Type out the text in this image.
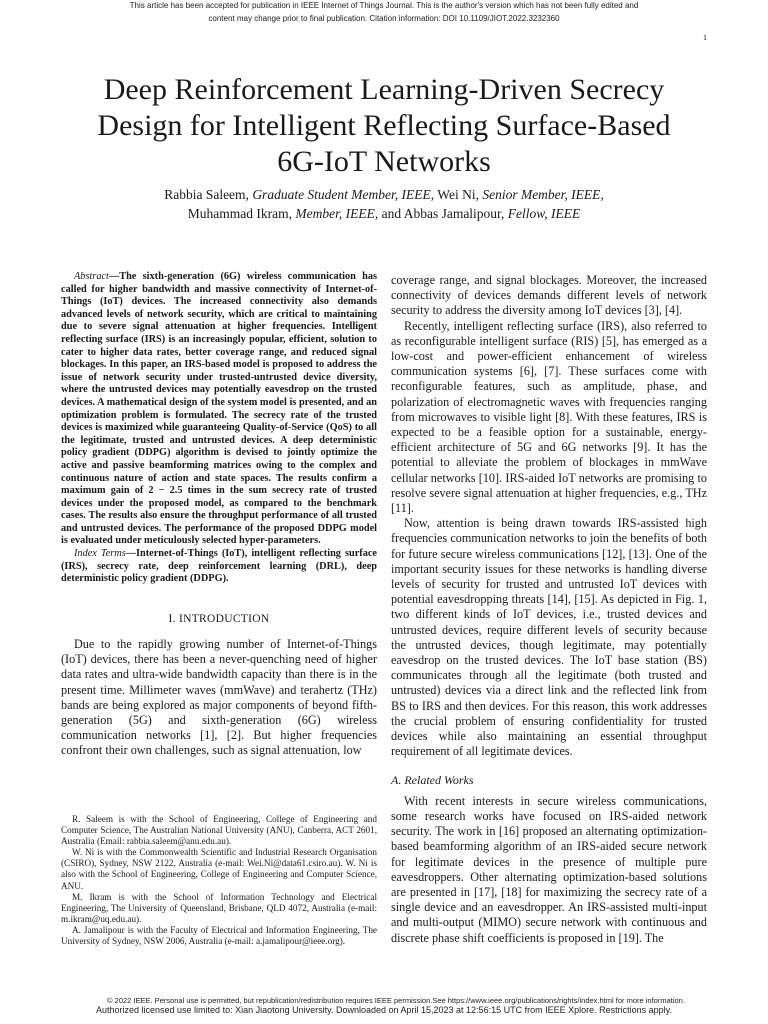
This article has been accepted for publication in IEEE Internet of Things Journal. This is the author's version which has not been fully edited and
content may change prior to final publication. Citation information: DOI 10.1109/JIOT.2022.3232360
1
Deep Reinforcement Learning-Driven Secrecy
Design for Intelligent Reflecting Surface-Based
6G-IoT Networks
Rabbia Saleem, Graduate Student Member, IEEE, Wei Ni, Senior Member, IEEE,
Muhammad Ikram, Member, IEEE, and Abbas Jamalipour, Fellow, IEEE

Abstract—The sixth-generation (6G) wireless communication has called for higher bandwidth and massive connectivity of Internet-of-Things (IoT) devices. The increased connectivity also demands advanced levels of network security, which are critical to maintaining due to severe signal attenuation at higher frequencies. Intelligent reflecting surface (IRS) is an increasingly popular, efficient, solution to cater to higher data rates, better coverage range, and reduced signal blockages. In this paper, an IRS-based model is proposed to address the issue of network security under trusted-untrusted device diversity, where the untrusted devices may potentially eavesdrop on the trusted devices. A mathematical design of the system model is presented, and an optimization problem is formulated. The secrecy rate of the trusted devices is maximized while guaranteeing Quality-of-Service (QoS) to all the legitimate, trusted and untrusted devices. A deep deterministic policy gradient (DDPG) algorithm is devised to jointly optimize the active and passive beamforming matrices owing to the complex and continuous nature of action and state spaces. The results confirm a maximum gain of 2 − 2.5 times in the sum secrecy rate of trusted devices under the proposed model, as compared to the benchmark cases. The results also ensure the throughput performance of all trusted and untrusted devices. The performance of the proposed DDPG model is evaluated under meticulously selected hyper-parameters.

Index Terms—Internet-of-Things (IoT), intelligent reflecting surface (IRS), secrecy rate, deep reinforcement learning (DRL), deep deterministic policy gradient (DDPG).

I. INTRODUCTION

Due to the rapidly growing number of Internet-of-Things (IoT) devices, there has been a never-quenching need of higher data rates and ultra-wide bandwidth capacity than there is in the present time. Millimeter waves (mmWave) and terahertz (THz) bands are being explored as major components of beyond fifth-generation (5G) and sixth-generation (6G) wireless communication networks [1], [2]. But higher frequencies confront their own challenges, such as signal attenuation, low

R. Saleem is with the School of Engineering, College of Engineering and Computer Science, The Australian National University (ANU), Canberra, ACT 2601, Australia (Email: rabbia.saleem@anu.edu.au).

W. Ni is with the Commonwealth Scientific and Industrial Research Organisation (CSIRO), Sydney, NSW 2122, Australia (e-mail: Wei.Ni@data61.csiro.au). W. Ni is also with the School of Engineering, College of Engineering and Computer Science, ANU.

M. Ikram is with the School of Information Technology and Electrical Engineering, The University of Queensland, Brisbane, QLD 4072, Australia (e-mail: m.ikram@uq.edu.au).

A. Jamalipour is with the Faculty of Electrical and Information Engineering, The University of Sydney, NSW 2006, Australia (e-mail: a.jamalipour@ieee.org).

coverage range, and signal blockages. Moreover, the increased connectivity of devices demands different levels of network security to address the diversity among IoT devices [3], [4].

Recently, intelligent reflecting surface (IRS), also referred to as reconfigurable intelligent surface (RIS) [5], has emerged as a low-cost and power-efficient enhancement of wireless communication systems [6], [7]. These surfaces come with reconfigurable features, such as amplitude, phase, and polarization of electromagnetic waves with frequencies ranging from microwaves to visible light [8]. With these features, IRS is expected to be a feasible option for a sustainable, energy-efficient architecture of 5G and 6G networks [9]. It has the potential to alleviate the problem of blockages in mmWave cellular networks [10]. IRS-aided IoT networks are promising to resolve severe signal attenuation at higher frequencies, e.g., THz [11].

Now, attention is being drawn towards IRS-assisted high frequencies communication networks to join the benefits of both for future secure wireless communications [12], [13]. One of the important security issues for these networks is handling diverse levels of security for trusted and untrusted IoT devices with potential eavesdropping threats [14], [15]. As depicted in Fig. 1, two different kinds of IoT devices, i.e., trusted devices and untrusted devices, require different levels of security because the untrusted devices, though legitimate, may potentially eavesdrop on the trusted devices. The IoT base station (BS) communicates through all the legitimate (both trusted and untrusted) devices via a direct link and the reflected link from BS to IRS and then devices. For this reason, this work addresses the crucial problem of ensuring confidentiality for trusted devices while also maintaining an essential throughput requirement of all legitimate devices.

A. Related Works

With recent interests in secure wireless communications, some research works have focused on IRS-aided network security. The work in [16] proposed an alternating optimization-based beamforming algorithm of an IRS-aided secure network for legitimate devices in the presence of multiple pure eavesdroppers. Other alternating optimization-based solutions are presented in [17], [18] for maximizing the secrecy rate of a single device and an eavesdropper. An IRS-assisted multi-input and multi-output (MIMO) secure network with continuous and discrete phase shift coefficients is proposed in [19]. The

© 2022 IEEE. Personal use is permitted, but republication/redistribution requires IEEE permission.See https://www.ieee.org/publications/rights/index.html for more information.
Authorized licensed use limited to: Xian Jiaotong University. Downloaded on April 15,2023 at 12:56:15 UTC from IEEE Xplore. Restrictions apply.
